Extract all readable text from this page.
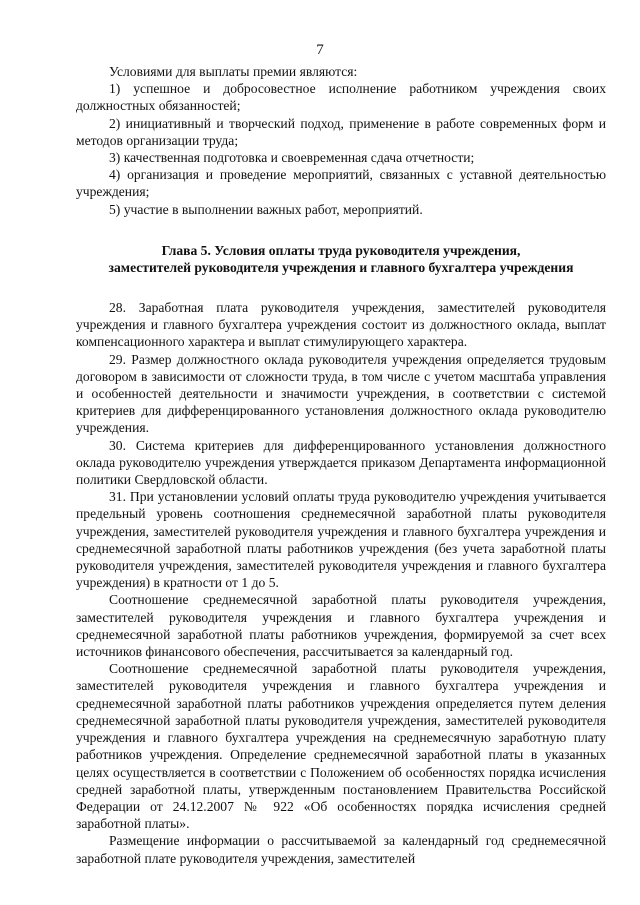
7

Условиями для выплаты премии являются:

1) успешное и добросовестное исполнение работником учреждения своих должностных обязанностей;

2) инициативный и творческий подход, применение в работе современных форм и методов организации труда;

3) качественная подготовка и своевременная сдача отчетности;

4) организация и проведение мероприятий, связанных с уставной деятельностью учреждения;

5) участие в выполнении важных работ, мероприятий.

Глава 5. Условия оплаты труда руководителя учреждения,
заместителей руководителя учреждения и главного бухгалтера учреждения

28. Заработная плата руководителя учреждения, заместителей руководителя учреждения и главного бухгалтера учреждения состоит из должностного оклада, выплат компенсационного характера и выплат стимулирующего характера.

29. Размер должностного оклада руководителя учреждения определяется трудовым договором в зависимости от сложности труда, в том числе с учетом масштаба управления и особенностей деятельности и значимости учреждения, в соответствии с системой критериев для дифференцированного установления должностного оклада руководителю учреждения.

30. Система критериев для дифференцированного установления должностного оклада руководителю учреждения утверждается приказом Департамента информационной политики Свердловской области.

31. При установлении условий оплаты труда руководителю учреждения учитывается предельный уровень соотношения среднемесячной заработной платы руководителя учреждения, заместителей руководителя учреждения и главного бухгалтера учреждения и среднемесячной заработной платы работников учреждения (без учета заработной платы руководителя учреждения, заместителей руководителя учреждения и главного бухгалтера учреждения) в кратности от 1 до 5.

Соотношение среднемесячной заработной платы руководителя учреждения, заместителей руководителя учреждения и главного бухгалтера учреждения и среднемесячной заработной платы работников учреждения, формируемой за счет всех источников финансового обеспечения, рассчитывается за календарный год.

Соотношение среднемесячной заработной платы руководителя учреждения, заместителей руководителя учреждения и главного бухгалтера учреждения и среднемесячной заработной платы работников учреждения определяется путем деления среднемесячной заработной платы руководителя учреждения, заместителей руководителя учреждения и главного бухгалтера учреждения на среднемесячную заработную плату работников учреждения. Определение среднемесячной заработной платы в указанных целях осуществляется в соответствии с Положением об особенностях порядка исчисления средней заработной платы, утвержденным постановлением Правительства Российской Федерации от 24.12.2007 № 922 «Об особенностях порядка исчисления средней заработной платы».

Размещение информации о рассчитываемой за календарный год среднемесячной заработной плате руководителя учреждения, заместителей
